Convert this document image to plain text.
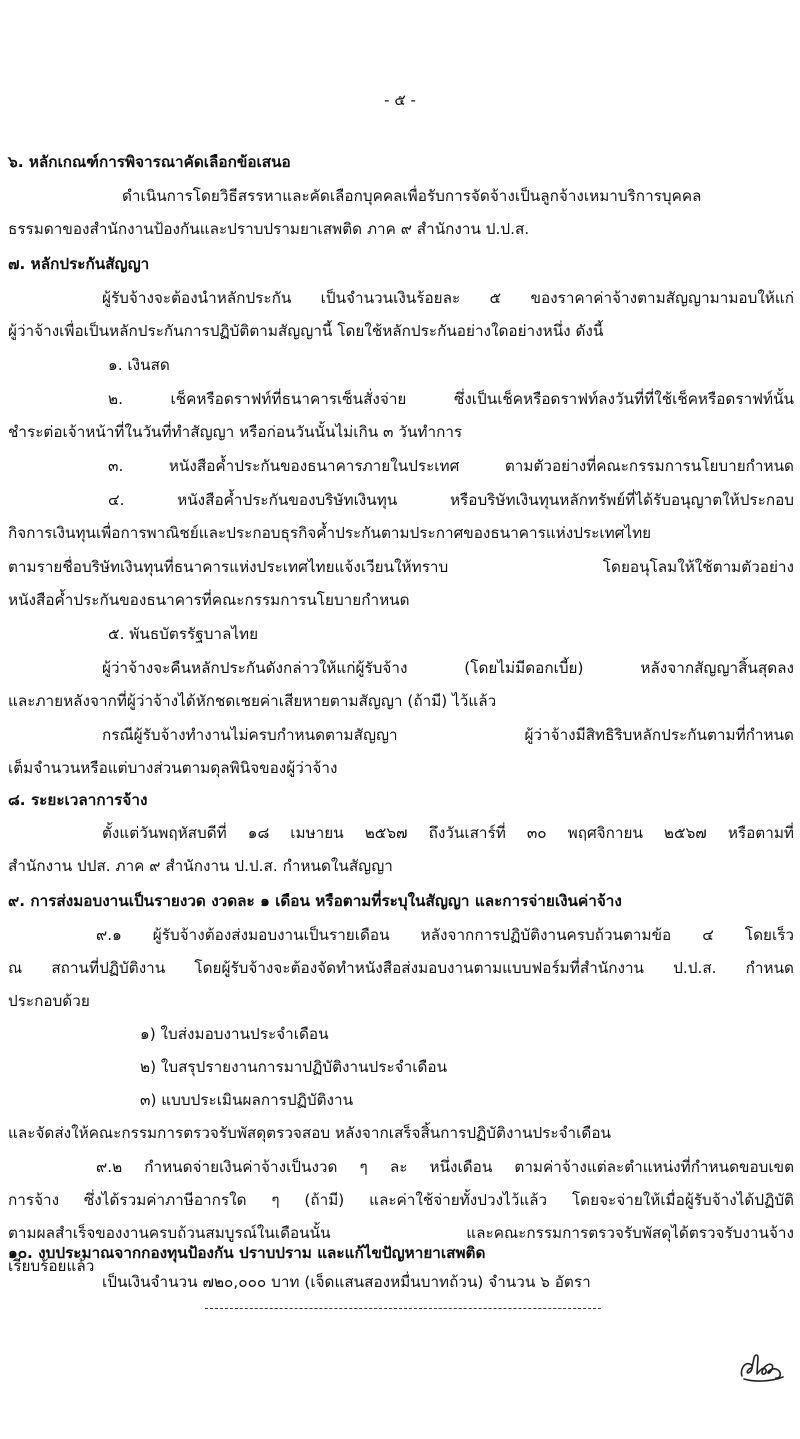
- ๕ -
๖. หลักเกณฑ์การพิจารณาคัดเลือกข้อเสนอ
ดำเนินการโดยวิธีสรรหาและคัดเลือกบุคคลเพื่อรับการจัดจ้างเป็นลูกจ้างเหมาบริการบุคคล
ธรรมดาของสำนักงานป้องกันและปราบปรามยาเสพติด ภาค ๙ สำนักงาน ป.ป.ส.
๗. หลักประกันสัญญา
ผู้รับจ้างจะต้องนำหลักประกัน เป็นจำนวนเงินร้อยละ ๕ ของราคาค่าจ้างตามสัญญามามอบให้แก่
ผู้ว่าจ้างเพื่อเป็นหลักประกันการปฏิบัติตามสัญญานี้ โดยใช้หลักประกันอย่างใดอย่างหนึ่ง ดังนี้
๑. เงินสด
๒. เช็คหรือดราฟท์ที่ธนาคารเซ็นสั่งจ่าย ซึ่งเป็นเช็คหรือดราฟท์ลงวันที่ที่ใช้เช็คหรือดราฟท์นั้น
ชำระต่อเจ้าหน้าที่ในวันที่ทำสัญญา หรือก่อนวันนั้นไม่เกิน ๓ วันทำการ
๓. หนังสือค้ำประกันของธนาคารภายในประเทศ ตามตัวอย่างที่คณะกรรมการนโยบายกำหนด
๔. หนังสือค้ำประกันของบริษัทเงินทุน หรือบริษัทเงินทุนหลักทรัพย์ที่ได้รับอนุญาตให้ประกอบ
กิจการเงินทุนเพื่อการพาณิชย์และประกอบธุรกิจค้ำประกันตามประกาศของธนาคารแห่งประเทศไทย
ตามรายชื่อบริษัทเงินทุนที่ธนาคารแห่งประเทศไทยแจ้งเวียนให้ทราบ โดยอนุโลมให้ใช้ตามตัวอย่าง
หนังสือค้ำประกันของธนาคารที่คณะกรรมการนโยบายกำหนด
๕. พันธบัตรรัฐบาลไทย
ผู้ว่าจ้างจะคืนหลักประกันดังกล่าวให้แก่ผู้รับจ้าง (โดยไม่มีดอกเบี้ย) หลังจากสัญญาสิ้นสุดลง
และภายหลังจากที่ผู้ว่าจ้างได้หักชดเชยค่าเสียหายตามสัญญา (ถ้ามี) ไว้แล้ว
กรณีผู้รับจ้างทำงานไม่ครบกำหนดตามสัญญา ผู้ว่าจ้างมีสิทธิริบหลักประกันตามที่กำหนด
เต็มจำนวนหรือแต่บางส่วนตามดุลพินิจของผู้ว่าจ้าง
๘. ระยะเวลาการจ้าง
ตั้งแต่วันพฤหัสบดีที่ ๑๘ เมษายน ๒๕๖๗ ถึงวันเสาร์ที่ ๓๐ พฤศจิกายน ๒๕๖๗ หรือตามที่
สำนักงาน ปปส. ภาค ๙ สำนักงาน ป.ป.ส. กำหนดในสัญญา
๙. การส่งมอบงานเป็นรายงวด งวดละ ๑ เดือน หรือตามที่ระบุในสัญญา และการจ่ายเงินค่าจ้าง
๙.๑ ผู้รับจ้างต้องส่งมอบงานเป็นรายเดือน หลังจากการปฏิบัติงานครบถ้วนตามข้อ ๔ โดยเร็ว
ณ สถานที่ปฏิบัติงาน โดยผู้รับจ้างจะต้องจัดทำหนังสือส่งมอบงานตามแบบฟอร์มที่สำนักงาน ป.ป.ส. กำหนด
ประกอบด้วย
๑) ใบส่งมอบงานประจำเดือน
๒) ใบสรุปรายงานการมาปฏิบัติงานประจำเดือน
๓) แบบประเมินผลการปฏิบัติงาน
และจัดส่งให้คณะกรรมการตรวจรับพัสดุตรวจสอบ หลังจากเสร็จสิ้นการปฏิบัติงานประจำเดือน
๙.๒ กำหนดจ่ายเงินค่าจ้างเป็นงวด ๆ ละ หนึ่งเดือน ตามค่าจ้างแต่ละตำแหน่งที่กำหนดขอบเขต
การจ้าง ซึ่งได้รวมค่าภาษีอากรใด ๆ (ถ้ามี) และค่าใช้จ่ายทั้งปวงไว้แล้ว โดยจะจ่ายให้เมื่อผู้รับจ้างได้ปฏิบัติ
ตามผลสำเร็จของงานครบถ้วนสมบูรณ์ในเดือนนั้น และคณะกรรมการตรวจรับพัสดุได้ตรวจรับงานจ้าง
เรียบร้อยแล้ว
๑๐. งบประมาณจากกองทุนป้องกัน ปราบปราม และแก้ไขปัญหายาเสพติด
เป็นเงินจำนวน ๗๒๐,๐๐๐ บาท (เจ็ดแสนสองหมื่นบาทถ้วน) จำนวน ๖ อัตรา
